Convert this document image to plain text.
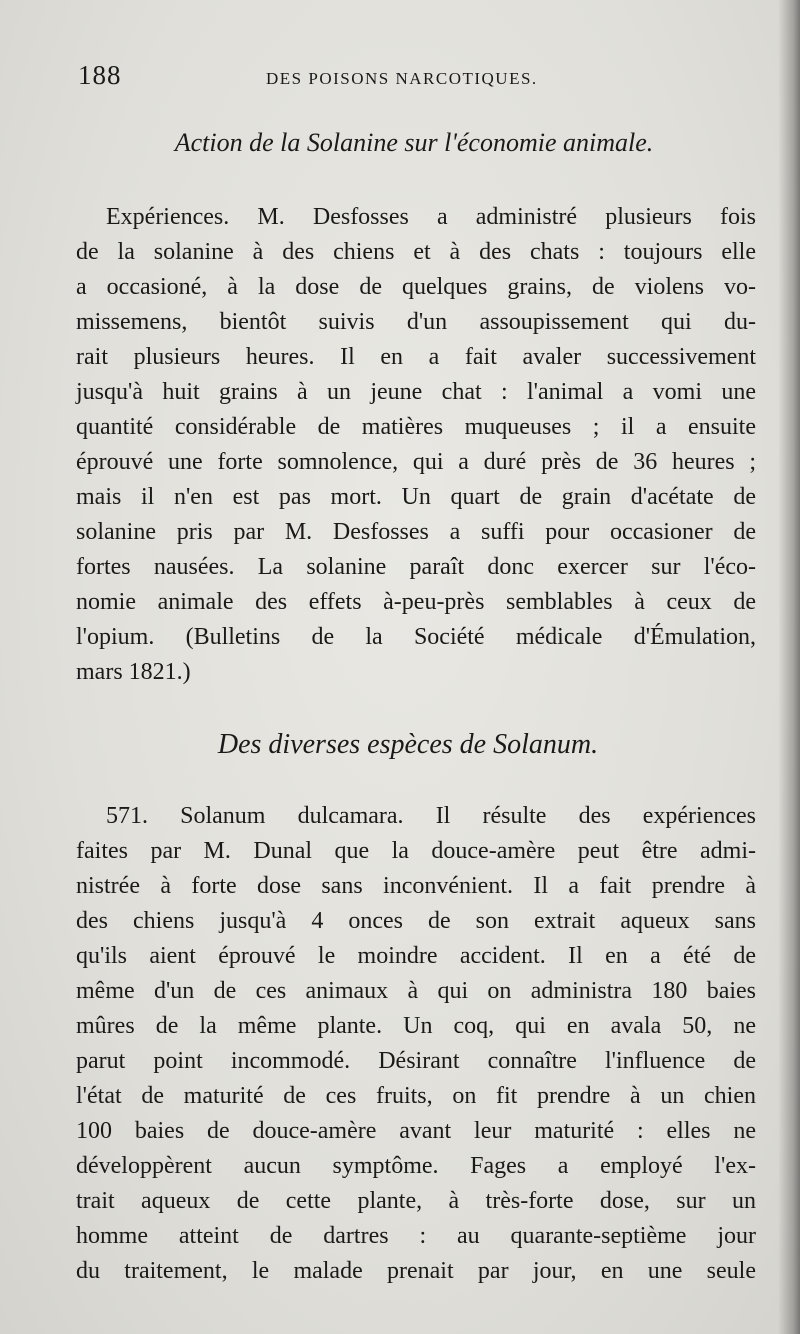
188	DES POISONS NARCOTIQUES.
Action de la Solanine sur l'économie animale.
Expériences. M. Desfosses a administré plusieurs fois
de la solanine à des chiens et à des chats : toujours elle
a occasioné, à la dose de quelques grains, de violens vo-
missemens, bientôt suivis d'un assoupissement qui du-
rait plusieurs heures. Il en a fait avaler successivement
jusqu'à huit grains à un jeune chat : l'animal a vomi une
quantité considérable de matières muqueuses ; il a ensuite
éprouvé une forte somnolence, qui a duré près de 36 heures ;
mais il n'en est pas mort. Un quart de grain d'acétate de
solanine pris par M. Desfosses a suffi pour occasioner de
fortes nausées. La solanine paraît donc exercer sur l'éco-
nomie animale des effets à-peu-près semblables à ceux de
l'opium. (Bulletins de la Société médicale d'Émulation,
mars 1821.)
Des diverses espèces de Solanum.
571. Solanum dulcamara. Il résulte des expériences
faites par M. Dunal que la douce-amère peut être admi-
nistrée à forte dose sans inconvénient. Il a fait prendre à
des chiens jusqu'à 4 onces de son extrait aqueux sans
qu'ils aient éprouvé le moindre accident. Il en a été de
même d'un de ces animaux à qui on administra 180 baies
mûres de la même plante. Un coq, qui en avala 50, ne
parut point incommodé. Désirant connaître l'influence de
l'état de maturité de ces fruits, on fit prendre à un chien
100 baies de douce-amère avant leur maturité : elles ne
développèrent aucun symptôme. Fages a employé l'ex-
trait aqueux de cette plante, à très-forte dose, sur un
homme atteint de dartres : au quarante-septième jour
du traitement, le malade prenait par jour, en une seule
